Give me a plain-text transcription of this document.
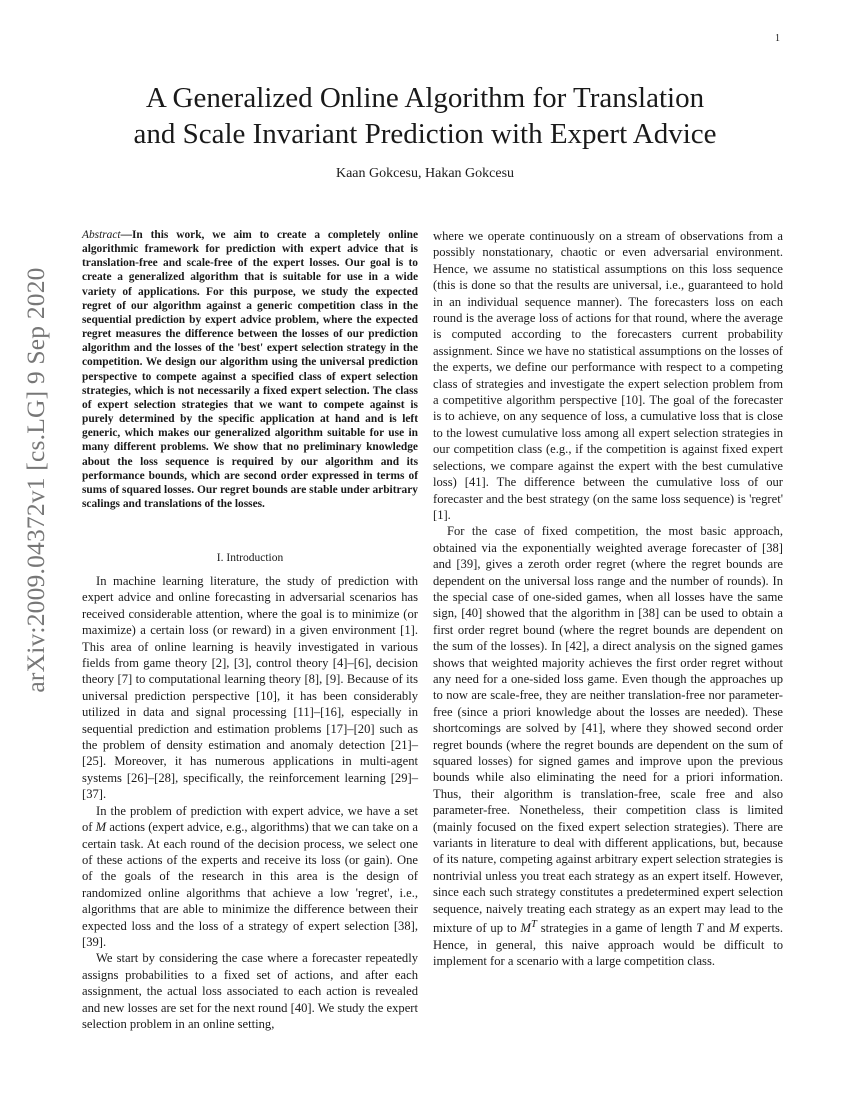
1
arXiv:2009.04372v1 [cs.LG] 9 Sep 2020
A Generalized Online Algorithm for Translation
and Scale Invariant Prediction with Expert Advice
Kaan Gokcesu, Hakan Gokcesu
Abstract—In this work, we aim to create a completely online algorithmic framework for prediction with expert advice that is translation-free and scale-free of the expert losses. Our goal is to create a generalized algorithm that is suitable for use in a wide variety of applications. For this purpose, we study the expected regret of our algorithm against a generic competition class in the sequential prediction by expert advice problem, where the expected regret measures the difference between the losses of our prediction algorithm and the losses of the 'best' expert selection strategy in the competition. We design our algorithm using the universal prediction perspective to compete against a specified class of expert selection strategies, which is not necessarily a fixed expert selection. The class of expert selection strategies that we want to compete against is purely determined by the specific application at hand and is left generic, which makes our generalized algorithm suitable for use in many different problems. We show that no preliminary knowledge about the loss sequence is required by our algorithm and its performance bounds, which are second order expressed in terms of sums of squared losses. Our regret bounds are stable under arbitrary scalings and translations of the losses.
I. Introduction

In machine learning literature, the study of prediction with expert advice and online forecasting in adversarial scenarios has received considerable attention, where the goal is to minimize (or maximize) a certain loss (or reward) in a given environment [1]. This area of online learning is heavily investigated in various fields from game theory [2], [3], control theory [4]–[6], decision theory [7] to computational learning theory [8], [9]. Because of its universal prediction perspective [10], it has been considerably utilized in data and signal processing [11]–[16], especially in sequential prediction and estimation problems [17]–[20] such as the problem of density estimation and anomaly detection [21]–[25]. Moreover, it has numerous applications in multi-agent systems [26]–[28], specifically, the reinforcement learning [29]–[37].

In the problem of prediction with expert advice, we have a set of M actions (expert advice, e.g., algorithms) that we can take on a certain task. At each round of the decision process, we select one of these actions of the experts and receive its loss (or gain). One of the goals of the research in this area is the design of randomized online algorithms that achieve a low 'regret', i.e., algorithms that are able to minimize the difference between their expected loss and the loss of a strategy of expert selection [38], [39].

We start by considering the case where a forecaster repeatedly assigns probabilities to a fixed set of actions, and after each assignment, the actual loss associated to each action is revealed and new losses are set for the next round [40]. We study the expert selection problem in an online setting,

where we operate continuously on a stream of observations from a possibly nonstationary, chaotic or even adversarial environment. Hence, we assume no statistical assumptions on this loss sequence (this is done so that the results are universal, i.e., guaranteed to hold in an individual sequence manner). The forecasters loss on each round is the average loss of actions for that round, where the average is computed according to the forecasters current probability assignment. Since we have no statistical assumptions on the losses of the experts, we define our performance with respect to a competing class of strategies and investigate the expert selection problem from a competitive algorithm perspective [10]. The goal of the forecaster is to achieve, on any sequence of loss, a cumulative loss that is close to the lowest cumulative loss among all expert selection strategies in our competition class (e.g., if the competition is against fixed expert selections, we compare against the expert with the best cumulative loss) [41]. The difference between the cumulative loss of our forecaster and the best strategy (on the same loss sequence) is 'regret' [1].

For the case of fixed competition, the most basic approach, obtained via the exponentially weighted average forecaster of [38] and [39], gives a zeroth order regret (where the regret bounds are dependent on the universal loss range and the number of rounds). In the special case of one-sided games, when all losses have the same sign, [40] showed that the algorithm in [38] can be used to obtain a first order regret bound (where the regret bounds are dependent on the sum of the losses). In [42], a direct analysis on the signed games shows that weighted majority achieves the first order regret without any need for a one-sided loss game. Even though the approaches up to now are scale-free, they are neither translation-free nor parameter-free (since a priori knowledge about the losses are needed). These shortcomings are solved by [41], where they showed second order regret bounds (where the regret bounds are dependent on the sum of squared losses) for signed games and improve upon the previous bounds while also eliminating the need for a priori information. Thus, their algorithm is translation-free, scale free and also parameter-free. Nonetheless, their competition class is limited (mainly focused on the fixed expert selection strategies). There are variants in literature to deal with different applications, but, because of its nature, competing against arbitrary expert selection strategies is nontrivial unless you treat each strategy as an expert itself. However, since each such strategy constitutes a predetermined expert selection sequence, naively treating each strategy as an expert may lead to the mixture of up to $M^T$ strategies in a game of length T and M experts. Hence, in general, this naive approach would be difficult to implement for a scenario with a large competition class.
